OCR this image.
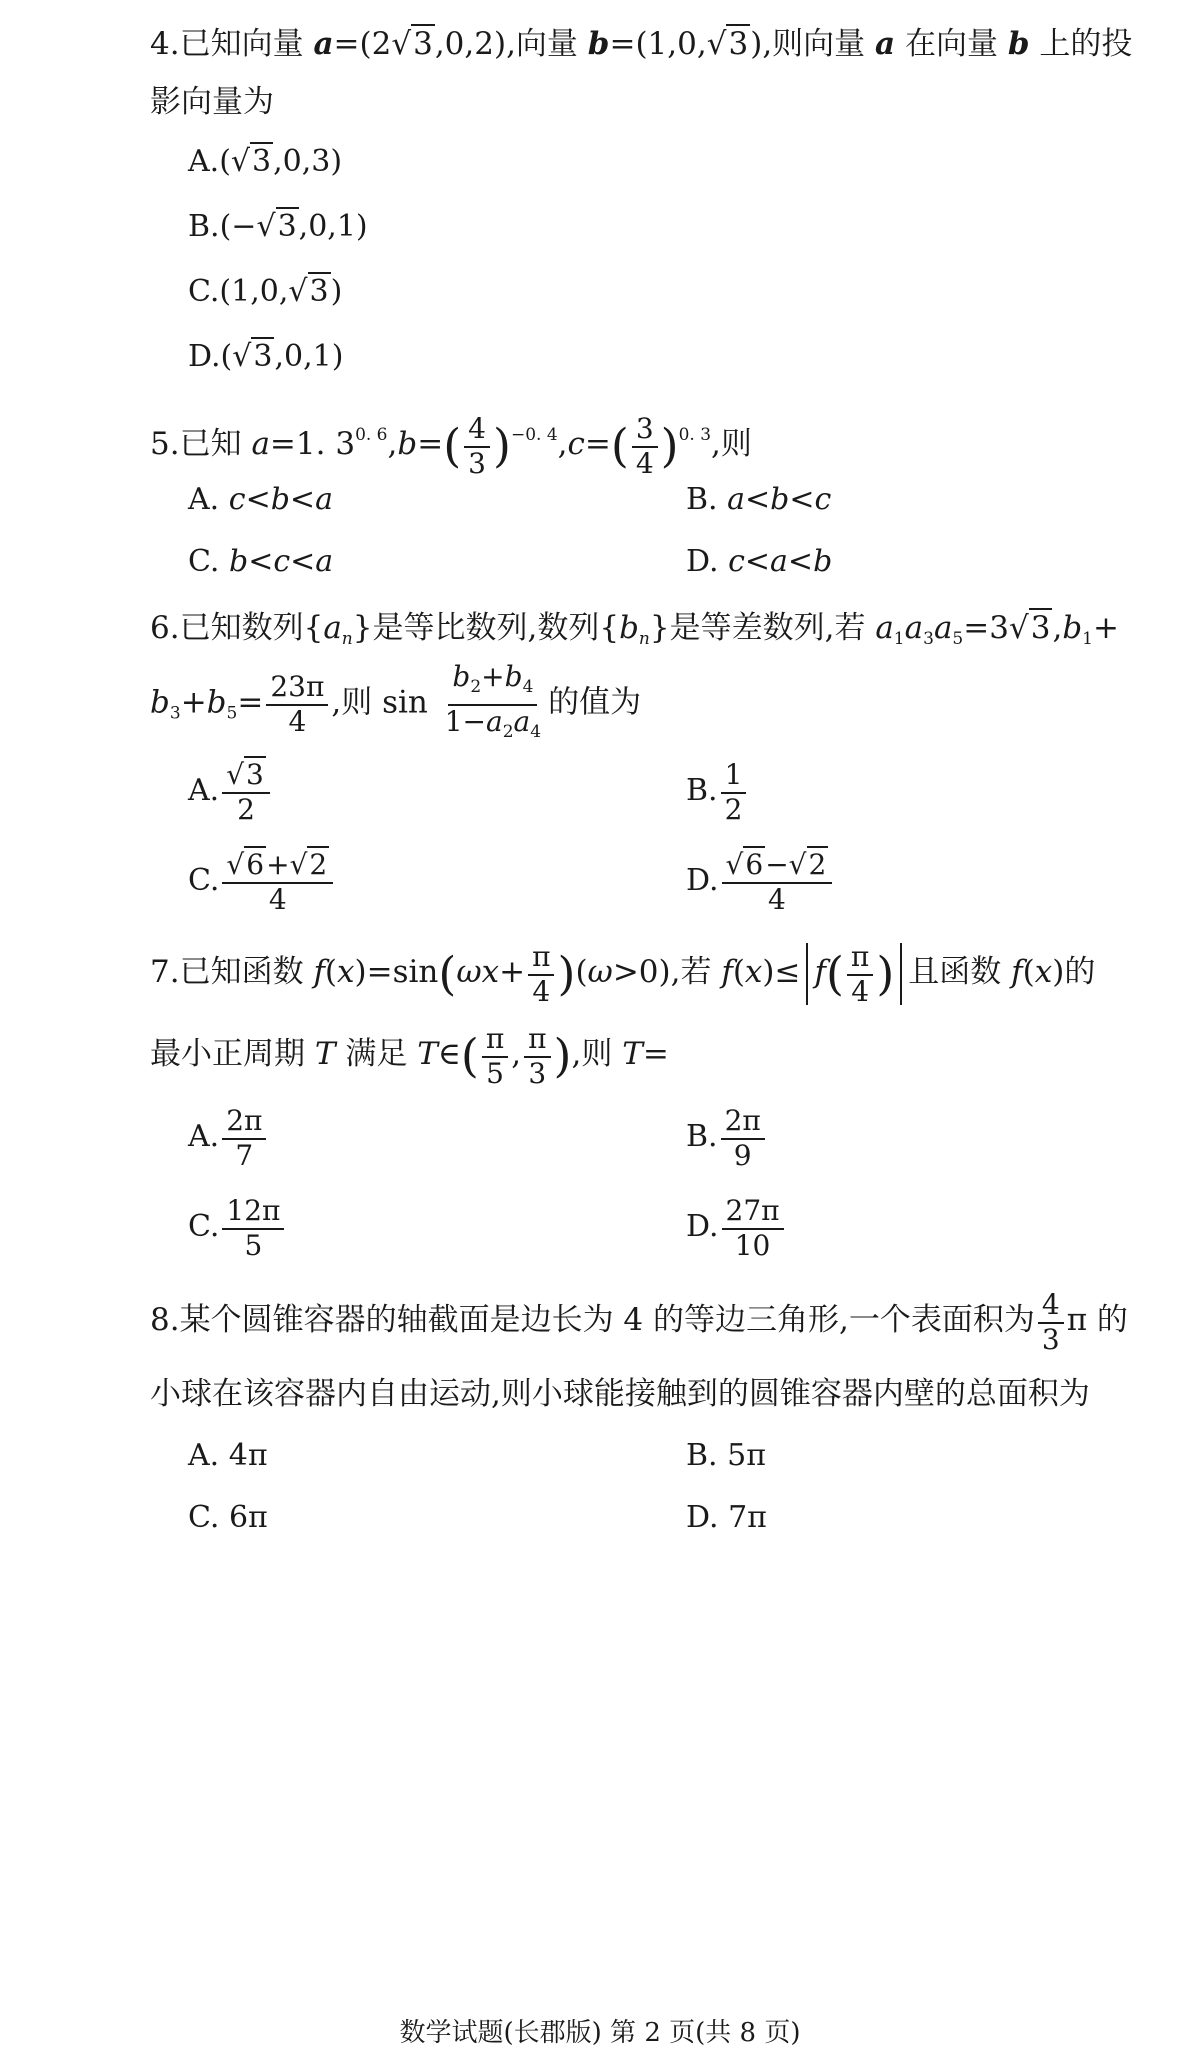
4.已知向量 a=(2√3,0,2),向量 b=(1,0,√3),则向量 a 在向量 b 上的投
影向量为
A.(√3,0,3)
B.(−√3,0,1)
C.(1,0,√3)
D.(√3,0,1)
5.已知 a=1. $3^{0. 6},b=( \frac{4}{3} )^{-0. 4},c=( \frac{3}{4} )^{0. 3}$,则
A. c<b<a	B. a<b<c
C. b<c<a	D. c<a<b
6.已知数列$\{a_n\}$是等比数列,数列$\{b_n\}$是等差数列,若 $a_1a_3a_5=3√3,b_1+$
$b_3+b_5= \frac{23\pi}{4}$ ,则 $\sin \frac{b_2+b_4}{1-a_2a_4}$ 的值为
A. $\frac{√3}{2}$	B. $\frac{1}{2}$
C. $\frac{√6+√2}{4}$	D. $\frac{√6-√2}{4}$
7.已知函数 $f(x)=\sin(\omega x+ \frac{\pi}{4} )(\omega>0)$,若 $f(x)\le f( \frac{\pi}{4}$ ) 且函数 f(x)的
最小正周期 T 满足 T∈( $\frac{\pi}{5}$ , $\frac{\pi}{3}$ ),则 T=
A. $\frac{2\pi}{7}$	B. $\frac{2\pi}{9}$
C. $\frac{12\pi}{5}$	D. $\frac{27\pi}{10}$
8.某个圆锥容器的轴截面是边长为 4 的等边三角形,一个表面积为 $\frac{4}{3}$ π 的
小球在该容器内自由运动,则小球能接触到的圆锥容器内壁的总面积为
A. 4π	B. 5π
C. 6π	D. 7π
数学试题(长郡版) 第 2 页(共 8 页)
